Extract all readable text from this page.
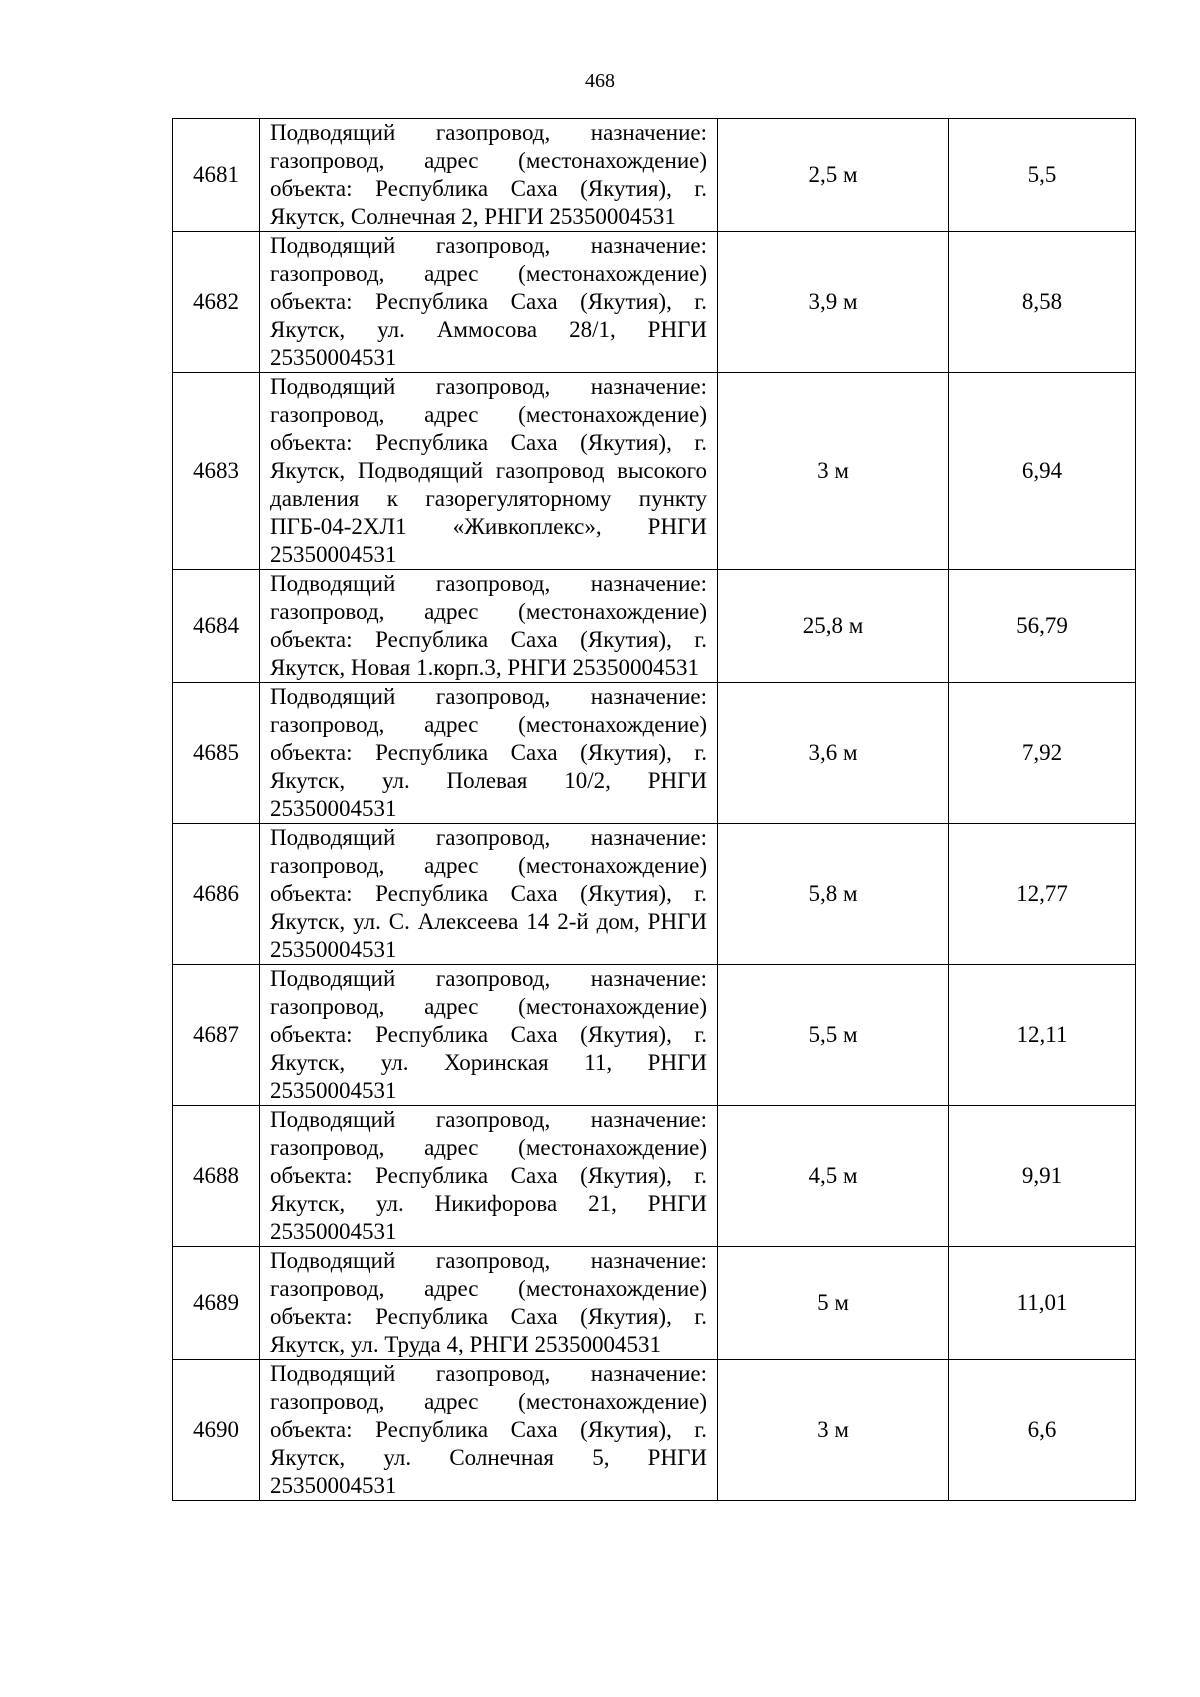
468
4681	Подводящий газопровод, назначение: газопровод, адрес (местонахождение) объекта: Республика Саха (Якутия), г. Якутск, Солнечная 2, РНГИ 25350004531	2,5 м	5,5
4682	Подводящий газопровод, назначение: газопровод, адрес (местонахождение) объекта: Республика Саха (Якутия), г. Якутск, ул. Аммосова 28/1, РНГИ 25350004531	3,9 м	8,58
4683	Подводящий газопровод, назначение: газопровод, адрес (местонахождение) объекта: Республика Саха (Якутия), г. Якутск, Подводящий газопровод высокого давления к газорегуляторному пункту ПГБ-04-2ХЛ1 «Живкоплекс», РНГИ 25350004531	3 м	6,94
4684	Подводящий газопровод, назначение: газопровод, адрес (местонахождение) объекта: Республика Саха (Якутия), г. Якутск, Новая 1.корп.3, РНГИ 25350004531	25,8 м	56,79
4685	Подводящий газопровод, назначение: газопровод, адрес (местонахождение) объекта: Республика Саха (Якутия), г. Якутск, ул. Полевая 10/2, РНГИ 25350004531	3,6 м	7,92
4686	Подводящий газопровод, назначение: газопровод, адрес (местонахождение) объекта: Республика Саха (Якутия), г. Якутск, ул. С. Алексеева 14 2-й дом, РНГИ 25350004531	5,8 м	12,77
4687	Подводящий газопровод, назначение: газопровод, адрес (местонахождение) объекта: Республика Саха (Якутия), г. Якутск, ул. Хоринская 11, РНГИ 25350004531	5,5 м	12,11
4688	Подводящий газопровод, назначение: газопровод, адрес (местонахождение) объекта: Республика Саха (Якутия), г. Якутск, ул. Никифорова 21, РНГИ 25350004531	4,5 м	9,91
4689	Подводящий газопровод, назначение: газопровод, адрес (местонахождение) объекта: Республика Саха (Якутия), г. Якутск, ул. Труда 4, РНГИ 25350004531	5 м	11,01
4690	Подводящий газопровод, назначение: газопровод, адрес (местонахождение) объекта: Республика Саха (Якутия), г. Якутск, ул. Солнечная 5, РНГИ 25350004531	3 м	6,6
